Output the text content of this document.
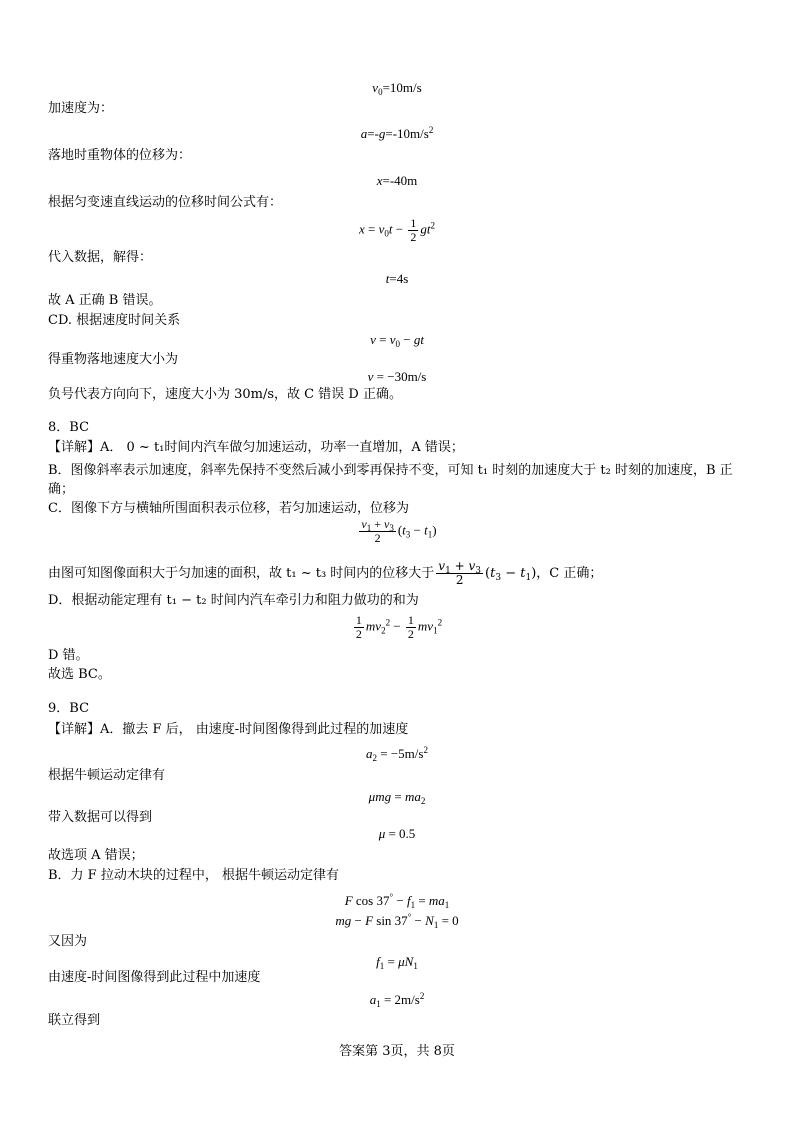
$v_0=10m/s$
加速度为：
$a=-g=-10m/s^2$
落地时重物体的位移为：
x=-40m
根据匀变速直线运动的位移时间公式有：
$x = v_0t - \frac{1}{2} gt^2$
代入数据，解得：
t=4s
故 A 正确 B 错误。
CD. 根据速度时间关系
$v = v_0$ − gt
得重物落地速度大小为
v = −30m/s
负号代表方向向下，速度大小为 30m/s，故 C 错误 D 正确。
8．BC
【详解】A． 0 ~ t₁时间内汽车做匀加速运动，功率一直增加，A 错误；
B．图像斜率表示加速度，斜率先保持不变然后减小到零再保持不变，可知 t₁ 时刻的加速度大于 t₂ 时刻的加速度，B 正确；
C．图像下方与横轴所围面积表示位移，若匀加速运动，位移为
$\frac{v_1 + v_3}{2} (t_3 - t_1)$
由图可知图像面积大于匀加速的面积，故 t₁ ~ t₃ 时间内的位移大于 $\frac{v_1 + v_3}{2} (t_3 - t_1)$，C 正确；
D．根据动能定理有 t₁ − t₂ 时间内汽车牵引力和阻力做功的和为
$\frac{1}{2} mv_2^2 - \frac{1}{2} mv_1^2$
D 错。
故选 BC。
9．BC
【详解】A．撤去 F 后， 由速度-时间图像得到此过程的加速度
$a_2 = -5m/s^2$
根据牛顿运动定律有
$\mu mg = ma_2$
带入数据可以得到
μ = 0.5
故选项 A 错误；
B．力 F 拉动木块的过程中， 根据牛顿运动定律有
F $\cos 37^\circ - f_1 = ma_1$
mg − F $\sin 37^\circ - N_1 = 0$
又因为
$f_1 = \mu N_1$
由速度-时间图像得到此过程中加速度
$a_1 = 2m/s^2$
联立得到
答案第 3页，共 8页
